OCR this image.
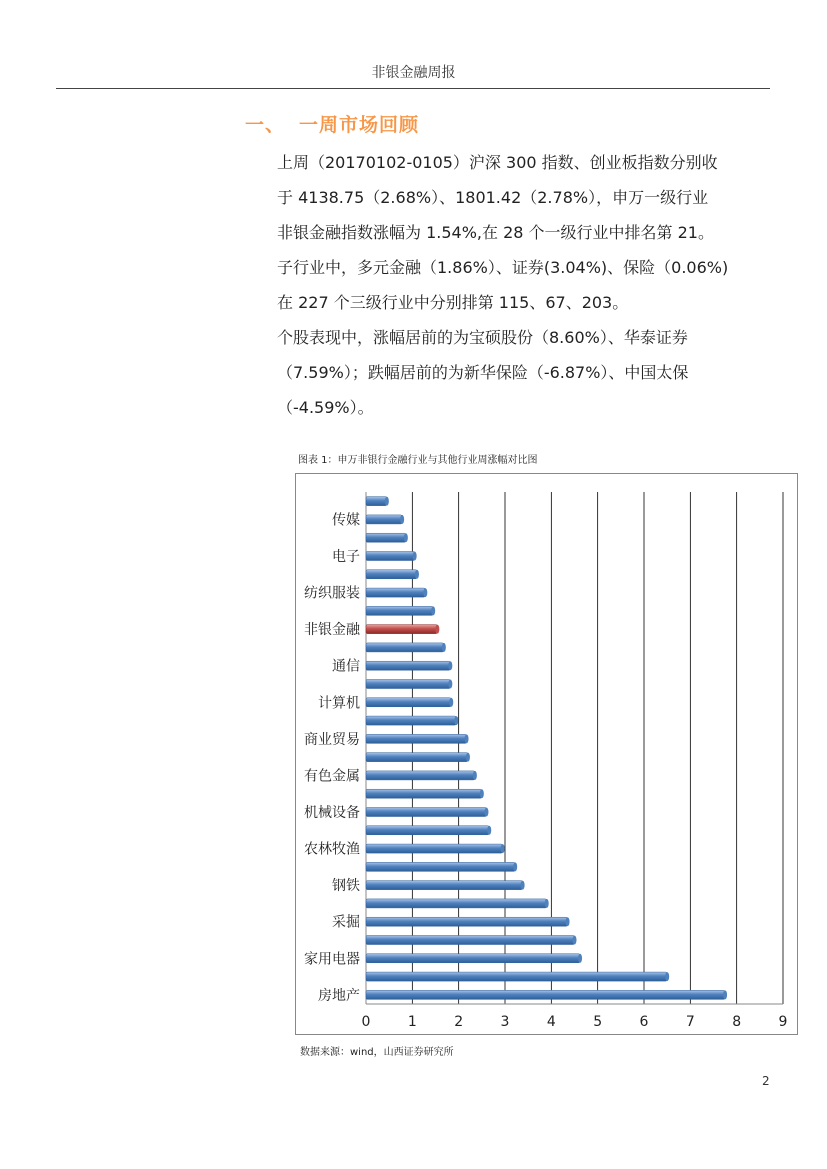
非银金融周报
一、 一周市场回顾

上周（20170102-0105）沪深 300 指数、创业板指数分别收

于 4138.75（2.68%）、1801.42（2.78%），申万一级行业

非银金融指数涨幅为 1.54%,在 28 个一级行业中排名第 21。

子行业中，多元金融（1.86%）、证券(3.04%)、保险（0.06%)

在 227 个三级行业中分别排第 115、67、203。

个股表现中，涨幅居前的为宝硕股份（8.60%）、华泰证券

（7.59%）；跌幅居前的为新华保险（-6.87%）、中国太保

（-4.59%）。

图表 1：申万非银行金融行业与其他行业周涨幅对比图
传媒
电子
纺织服装
非银金融
通信
计算机
商业贸易
有色金属
机械设备
农林牧渔
钢铁
采掘
家用电器
房地产
0	1	2	3	4	5	6	7	8	9
数据来源：wind，山西证券研究所
2
